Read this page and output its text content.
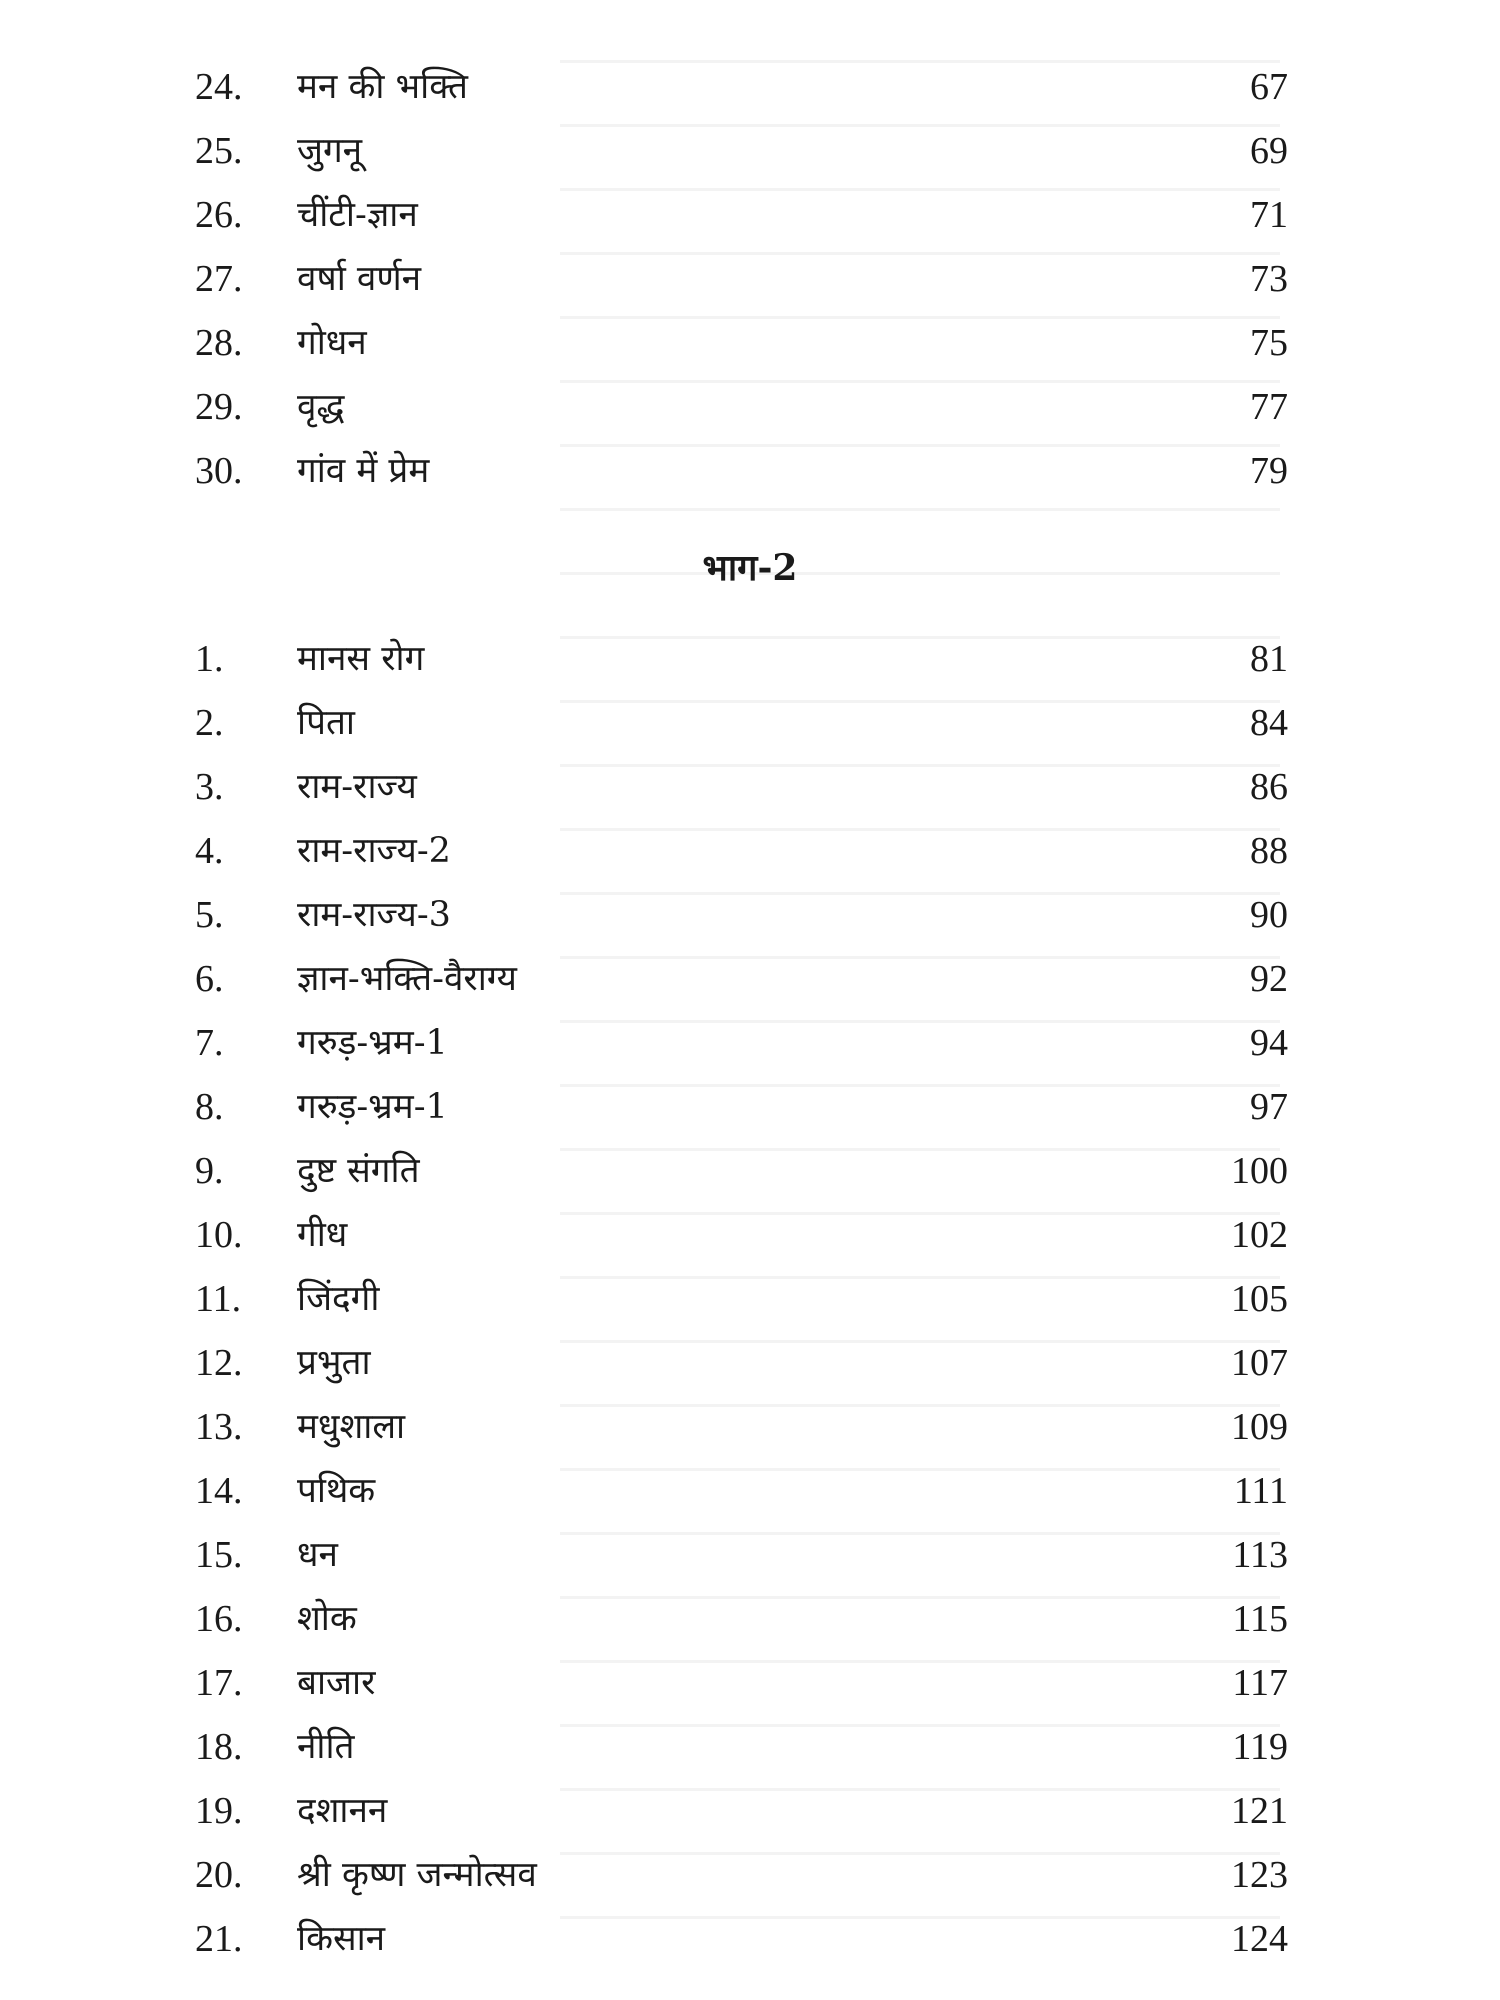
24.	मन की भक्ति	67
25.	जुगनू	69
26.	चींटी-ज्ञान	71
27.	वर्षा वर्णन	73
28.	गोधन	75
29.	वृद्ध	77
30.	गांव में प्रेम	79
भाग-2
1.	मानस रोग	81
2.	पिता	84
3.	राम-राज्य	86
4.	राम-राज्य-2	88
5.	राम-राज्य-3	90
6.	ज्ञान-भक्ति-वैराग्य	92
7.	गरुड़-भ्रम-1	94
8.	गरुड़-भ्रम-1	97
9.	दुष्ट संगति	100
10.	गीध	102
11.	जिंदगी	105
12.	प्रभुता	107
13.	मधुशाला	109
14.	पथिक	111
15.	धन	113
16.	शोक	115
17.	बाजार	117
18.	नीति	119
19.	दशानन	121
20.	श्री कृष्ण जन्मोत्सव	123
21.	किसान	124
